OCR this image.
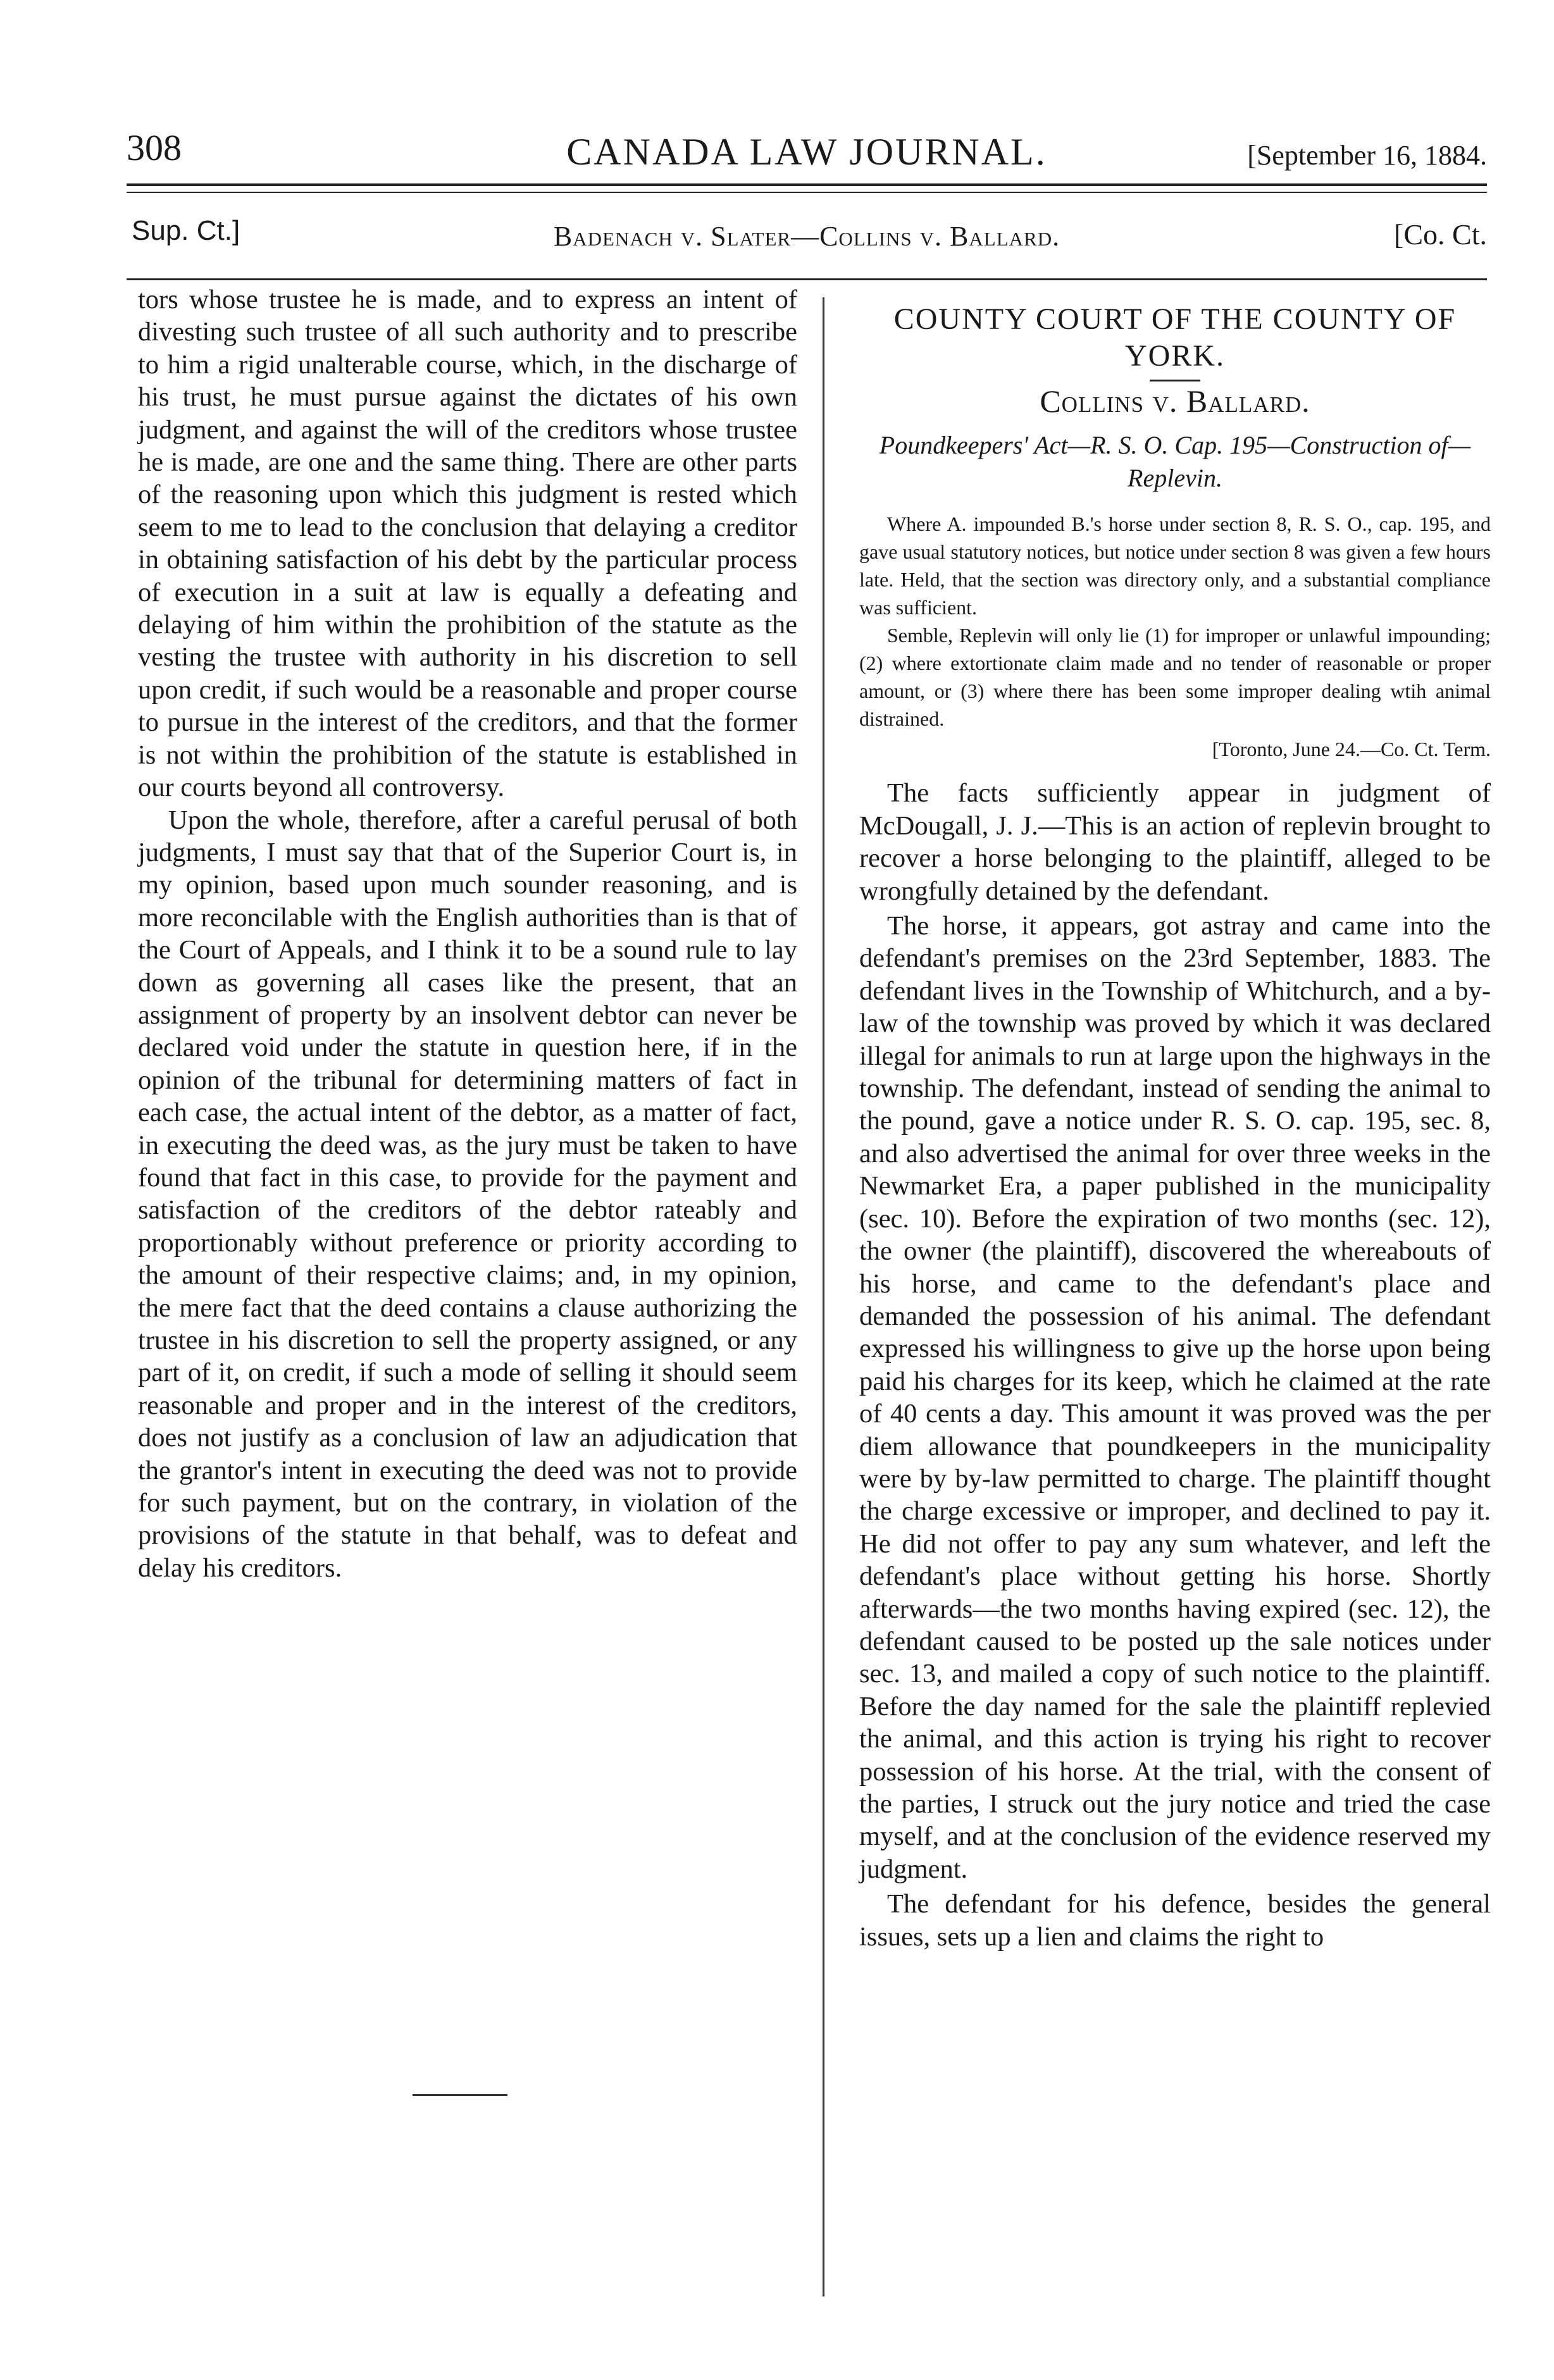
308	CANADA LAW JOURNAL.	[September 16, 1884.
Sup. Ct.]	Badenach v. Slater—Collins v. Ballard.	[Co. Ct.

tors whose trustee he is made, and to express an intent of divesting such trustee of all such authority and to prescribe to him a rigid unalterable course, which, in the discharge of his trust, he must pursue against the dictates of his own judgment, and against the will of the creditors whose trustee he is made, are one and the same thing. There are other parts of the reasoning upon which this judgment is rested which seem to me to lead to the conclusion that delaying a creditor in obtaining satisfaction of his debt by the particular process of execution in a suit at law is equally a defeating and delaying of him within the prohibition of the statute as the vesting the trustee with authority in his discretion to sell upon credit, if such would be a reasonable and proper course to pursue in the interest of the creditors, and that the former is not within the prohibition of the statute is established in our courts beyond all controversy.

Upon the whole, therefore, after a careful perusal of both judgments, I must say that that of the Superior Court is, in my opinion, based upon much sounder reasoning, and is more reconcilable with the English authorities than is that of the Court of Appeals, and I think it to be a sound rule to lay down as governing all cases like the present, that an assignment of property by an insolvent debtor can never be declared void under the statute in question here, if in the opinion of the tribunal for determining matters of fact in each case, the actual intent of the debtor, as a matter of fact, in executing the deed was, as the jury must be taken to have found that fact in this case, to provide for the payment and satisfaction of the creditors of the debtor rateably and proportionably without preference or priority according to the amount of their respective claims; and, in my opinion, the mere fact that the deed contains a clause authorizing the trustee in his discretion to sell the property assigned, or any part of it, on credit, if such a mode of selling it should seem reasonable and proper and in the interest of the creditors, does not justify as a conclusion of law an adjudication that the grantor's intent in executing the deed was not to provide for such payment, but on the contrary, in violation of the provisions of the statute in that behalf, was to defeat and delay his creditors.

COUNTY COURT OF THE COUNTY OF YORK.
Collins v. Ballard.
Poundkeepers' Act—R. S. O. Cap. 195—Construction of—Replevin.

Where A. impounded B.'s horse under section 8, R. S. O., cap. 195, and gave usual statutory notices, but notice under section 8 was given a few hours late. Held, that the section was directory only, and a substantial compliance was sufficient.

Semble, Replevin will only lie (1) for improper or unlawful impounding; (2) where extortionate claim made and no tender of reasonable or proper amount, or (3) where there has been some improper dealing wtih animal distrained.

[Toronto, June 24.—Co. Ct. Term.

The facts sufficiently appear in judgment of McDougall, J. J.—This is an action of replevin brought to recover a horse belonging to the plaintiff, alleged to be wrongfully detained by the defendant.

The horse, it appears, got astray and came into the defendant's premises on the 23rd September, 1883. The defendant lives in the Township of Whitchurch, and a by-law of the township was proved by which it was declared illegal for animals to run at large upon the highways in the township. The defendant, instead of sending the animal to the pound, gave a notice under R. S. O. cap. 195, sec. 8, and also advertised the animal for over three weeks in the Newmarket Era, a paper published in the municipality (sec. 10). Before the expiration of two months (sec. 12), the owner (the plaintiff), discovered the whereabouts of his horse, and came to the defendant's place and demanded the possession of his animal. The defendant expressed his willingness to give up the horse upon being paid his charges for its keep, which he claimed at the rate of 40 cents a day. This amount it was proved was the per diem allowance that poundkeepers in the municipality were by by-law permitted to charge. The plaintiff thought the charge excessive or improper, and declined to pay it. He did not offer to pay any sum whatever, and left the defendant's place without getting his horse. Shortly afterwards—the two months having expired (sec. 12), the defendant caused to be posted up the sale notices under sec. 13, and mailed a copy of such notice to the plaintiff. Before the day named for the sale the plaintiff replevied the animal, and this action is trying his right to recover possession of his horse. At the trial, with the consent of the parties, I struck out the jury notice and tried the case myself, and at the conclusion of the evidence reserved my judgment.

The defendant for his defence, besides the general issues, sets up a lien and claims the right to
